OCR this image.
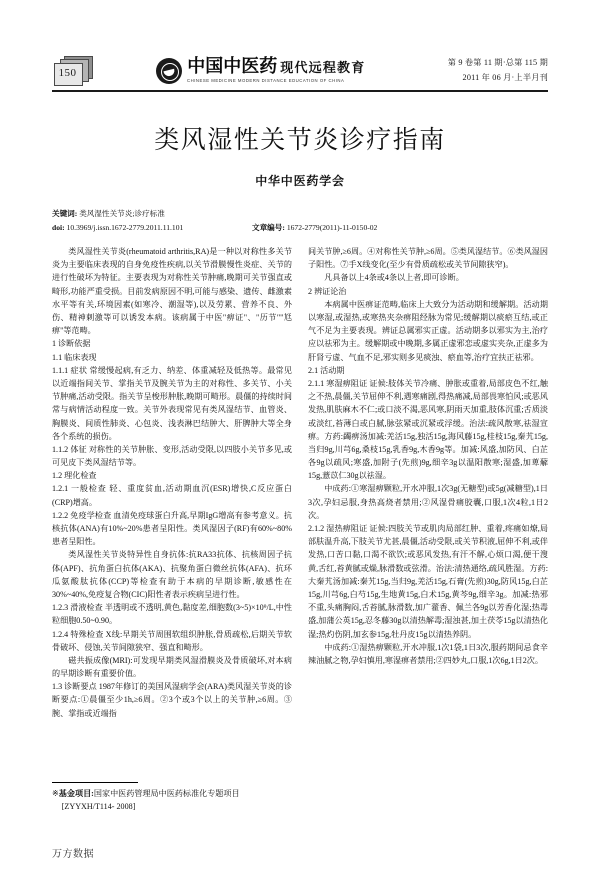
150	中国中医药 现代远程教育
CHINESE MEDICINE MODERN DISTANCE EDUCATION OF CHINA
第 9 卷第 11 期·总第 115 期
2011 年 06 月·上半月刊
类风湿性关节炎诊疗指南
中华中医药学会
关键词: 类风湿性关节炎;诊疗标准
doi: 10.3969/j.issn.1672-2779.2011.11.101	文章编号: 1672-2779(2011)-11-0150-02

类风湿性关节炎(rheumatoid arthritis,RA)是一种以对称性多关节炎为主要临床表现的自身免疫性疾病,以关节滑膜慢性炎症、关节的进行性破坏为特征。主要表现为对称性关节肿痛,晚期可关节强直或畸形,功能严重受损。目前发病原因不明,可能与感染、遗传、雌激素水平等有关,环境因素(如寒冷、潮湿等),以及劳累、营养不良、外伤、精神刺激等可以诱发本病。该病属于中医"痹证"、"历节""尪痹"等范畴。

1 诊断依据

1.1 临床表现

1.1.1 症状 常缓慢起病,有乏力、纳差、体重减轻及低热等。最常见以近端指间关节、掌指关节及腕关节为主的对称性、多关节、小关节肿痛,活动受限。指关节呈梭形肿胀,晚期可畸形。晨僵的持续时间常与病情活动程度一致。关节外表现常见有类风湿结节、血管炎、胸膜炎、间质性肺炎、心包炎、浅表淋巴结肿大、肝脾肿大等全身各个系统的损伤。

1.1.2 体征 对称性的关节肿胀、变形,活动受限,以四肢小关节多见,或可见皮下类风湿结节等。

1.2 理化检查

1.2.1 一般检查 轻、重度贫血,活动期血沉(ESR)增快,C反应蛋白(CRP)增高。

1.2.2 免疫学检查 血清免疫球蛋白升高,早期IgG增高有参考意义。抗核抗体(ANA)有10%~20%患者呈阳性。类风湿因子(RF)有60%~80%患者呈阳性。

类风湿性关节炎特异性自身抗体:抗RA33抗体、抗核周因子抗体(APF)、抗角蛋白抗体(AKA)、抗聚角蛋白微丝抗体(AFA)、抗环瓜氨酸肽抗体(CCP)等检查有助于本病的早期诊断,敏感性在30%~40%,免疫复合物(CIC)阳性者表示疾病呈进行性。

1.2.3 滑液检查 半透明或不透明,黄色,黏度差,细胞数(3~5)×10⁹/L,中性粒细胞0.50~0.90。

1.2.4 特殊检查 X线:早期关节周围软组织肿胀,骨质疏松,后期关节软骨破坏、侵蚀,关节间隙狭窄、强直和畸形。

磁共振成像(MRI):可发现早期类风湿滑膜炎及骨质破坏,对本病的早期诊断有重要价值。

1.3 诊断要点 1987年修订的美国风湿病学会(ARA)类风湿关节炎的诊断要点:①晨僵至少1h,≥6周。②3个或3个以上的关节肿,≥6周。③腕、掌指或近端指

间关节肿,≥6周。④对称性关节肿,≥6周。⑤类风湿结节。⑥类风湿因子阳性。⑦手X线变化(至少有骨质疏松或关节间隙狭窄)。

凡具备以上4条或4条以上者,即可诊断。

2 辨证论治

本病属中医痹证范畴,临床上大致分为活动期和缓解期。活动期以寒湿,或湿热,或寒热夹杂痹阻经脉为常见;缓解期以痰瘀互结,或正气不足为主要表现。辨证总属邪实正虚。活动期多以邪实为主,治疗应以祛邪为主。缓解期或中晚期,多属正虚邪恋或虚实夹杂,正虚多为肝肾亏虚、气血不足,邪实则多见痰浊、瘀血等,治疗宜扶正祛邪。

2.1 活动期

2.1.1 寒湿痹阻证 证候:肢体关节冷痛、肿胀或重着,局部皮色不红,触之不热,晨僵,关节屈伸不利,遇寒痛剧,得热痛减,局部畏寒怕风;或恶风发热,肌肤麻木不仁;或口淡不渴,恶风寒,阴雨天加重,肢体沉重;舌质淡或淡红,苔薄白或白腻,脉弦紧或沉紧或浮缓。治法:疏风散寒,祛湿宣痹。方药:蠲痹汤加减:羌活15g,独活15g,海风藤15g,桂枝15g,秦艽15g,当归9g,川芎6g,桑枝15g,乳香9g,木香9g等。加减:风盛,加防风、白芷各9g以疏风;寒盛,加附子(先煎)9g,细辛3g以温阳散寒;湿盛,加萆薢15g,薏苡仁30g以祛湿。

中成药:①寒湿痹颗粒,开水冲服,1次3g(无糖型)或5g(减糖型),1日3次,孕妇忌服,身热高烧者禁用;②风湿骨痛胶囊,口服,1次4粒,1日2次。

2.1.2 湿热痹阻证 证候:四肢关节或肌肉局部红肿、重着,疼痛如燎,局部肤温升高,下肢关节尤甚,晨僵,活动受限,或关节积液,屈伸不利,或伴发热,口苦口黏,口渴不欲饮;或恶风发热,有汗不解,心烦口渴,便干溲黄,舌红,苔黄腻或燥,脉滑数或弦滑。治法:清热通络,疏风胜湿。方药:大秦艽汤加减:秦艽15g,当归9g,羌活15g,石膏(先煎)30g,防风15g,白芷15g,川芎6g,白芍15g,生地黄15g,白术15g,黄芩9g,细辛3g。加减:热邪不重,头痛胸闷,舌苔腻,脉滑数,加广藿香、佩兰各9g以芳香化湿;热毒盛,加蒲公英15g,忍冬藤30g以清热解毒;湿浊甚,加土茯苓15g以清热化湿;热灼伤阴,加玄参15g,牡丹皮15g以清热养阴。

中成药:①湿热痹颗粒,开水冲服,1次1袋,1日3次,服药期间忌食辛辣油腻之物,孕妇慎用,寒湿痹者禁用;②四妙丸,口服,1次6g,1日2次。

※基金项目:国家中医药管理局中医药标准化专题项目
[ZYYXH/T114- 2008]
万方数据
